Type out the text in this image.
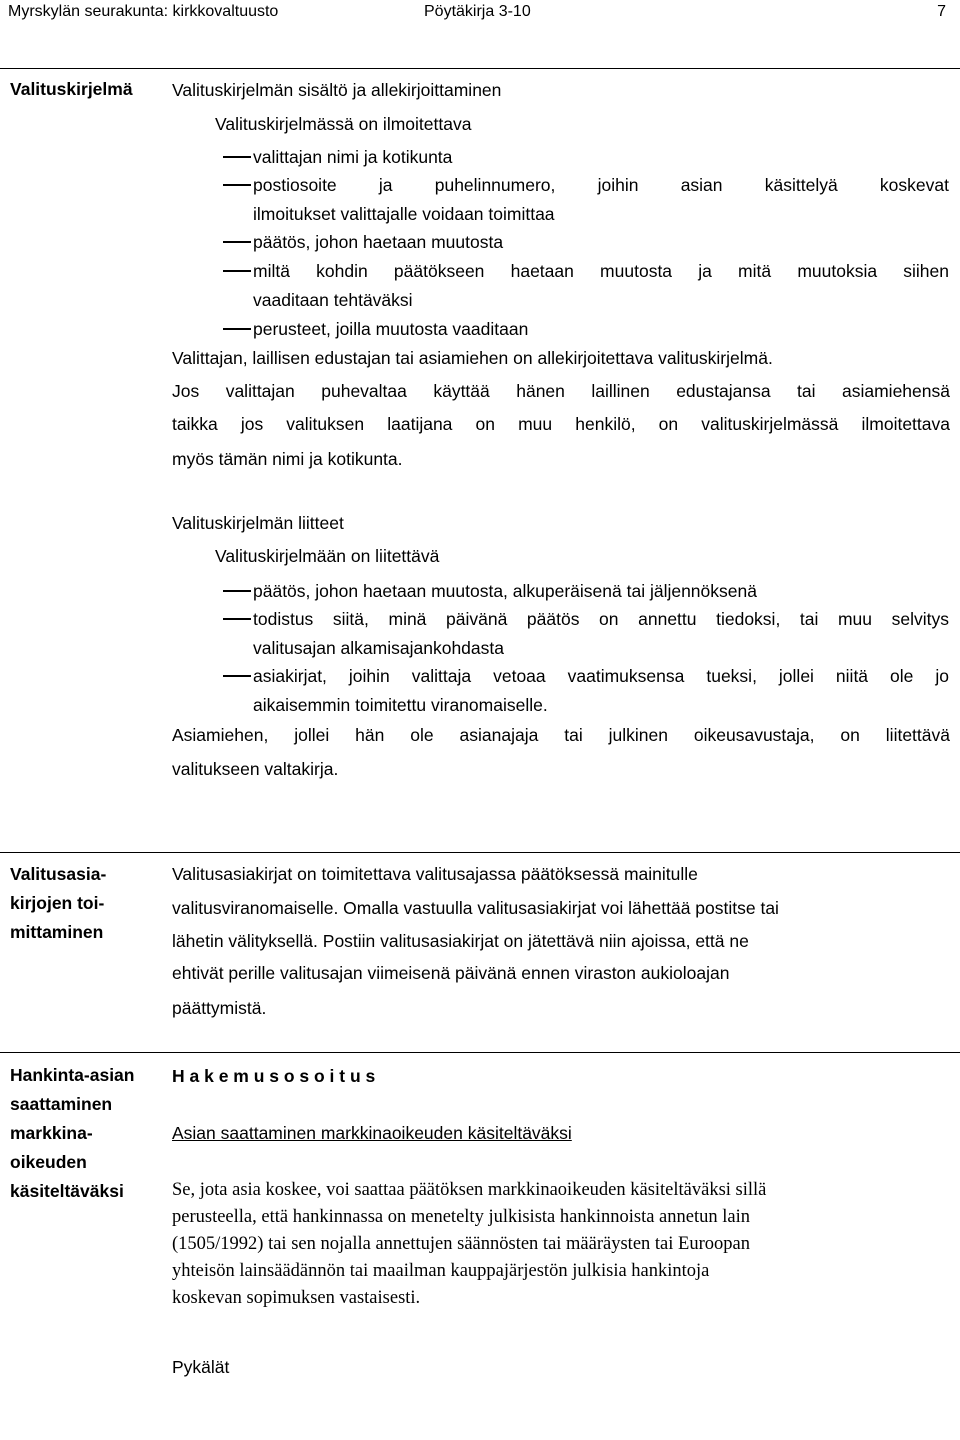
Myrskylän seurakunta: kirkkovaltuusto	Pöytäkirja 3-10	7
Valituskirjelmä	Valituskirjelmän sisältö ja allekirjoittaminen
Valituskirjelmässä on ilmoitettava
valittajan nimi ja kotikunta
postiosoite ja puhelinnumero, joihin asian käsittelyä koskevat
ilmoitukset valittajalle voidaan toimittaa
päätös, johon haetaan muutosta
miltä kohdin päätökseen haetaan muutosta ja mitä muutoksia siihen
vaaditaan tehtäväksi
perusteet, joilla muutosta vaaditaan
Valittajan, laillisen edustajan tai asiamiehen on allekirjoitettava valituskirjelmä.
Jos valittajan puhevaltaa käyttää hänen laillinen edustajansa tai asiamiehensä
taikka jos valituksen laatijana on muu henkilö, on valituskirjelmässä ilmoitettava
myös tämän nimi ja kotikunta.
Valituskirjelmän liitteet
Valituskirjelmään on liitettävä
päätös, johon haetaan muutosta, alkuperäisenä tai jäljennöksenä
todistus siitä, minä päivänä päätös on annettu tiedoksi, tai muu selvitys
valitusajan alkamisajankohdasta
asiakirjat, joihin valittaja vetoaa vaatimuksensa tueksi, jollei niitä ole jo
aikaisemmin toimitettu viranomaiselle.
Asiamiehen, jollei hän ole asianajaja tai julkinen oikeusavustaja, on liitettävä
valitukseen valtakirja.
Valitusasia-
kirjojen toi-
mittaminen
Valitusasiakirjat on toimitettava valitusajassa päätöksessä mainitulle
valitusviranomaiselle. Omalla vastuulla valitusasiakirjat voi lähettää postitse tai
lähetin välityksellä. Postiin valitusasiakirjat on jätettävä niin ajoissa, että ne
ehtivät perille valitusajan viimeisenä päivänä ennen viraston aukioloajan
päättymistä.
Hankinta-asian
saattaminen
markkina-
oikeuden
käsiteltäväksi
H a k e m u s o s o i t u s
Asian saattaminen markkinaoikeuden käsiteltäväksi
Se, jota asia koskee, voi saattaa päätöksen markkinaoikeuden käsiteltäväksi sillä
perusteella, että hankinnassa on menetelty julkisista hankinnoista annetun lain
(1505/1992) tai sen nojalla annettujen säännösten tai määräysten tai Euroopan
yhteisön lainsäädännön tai maailman kauppajärjestön julkisia hankintoja
koskevan sopimuksen vastaisesti.
Pykälät
